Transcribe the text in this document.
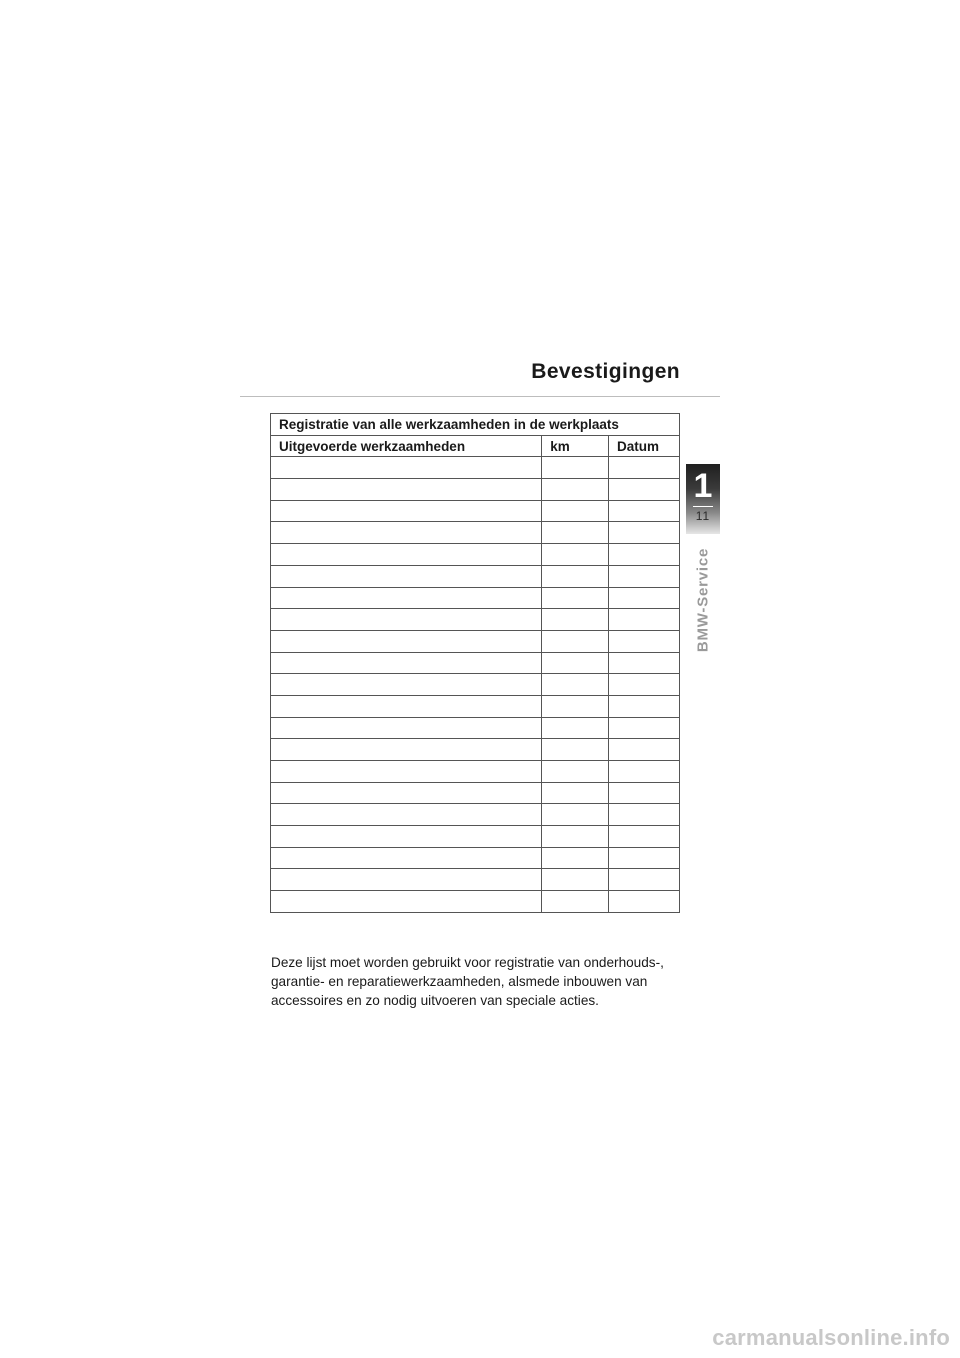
Bevestigingen
Registratie van alle werkzaamheden in de werkplaats		
Uitgevoerde werkzaamheden	km	Datum

Deze lijst moet worden gebruikt voor registratie van onderhouds-,

garantie- en reparatiewerkzaamheden, alsmede inbouwen van

accessoires en zo nodig uitvoeren van speciale acties.

1
11
BMW-Service
carmanualsonline.info
